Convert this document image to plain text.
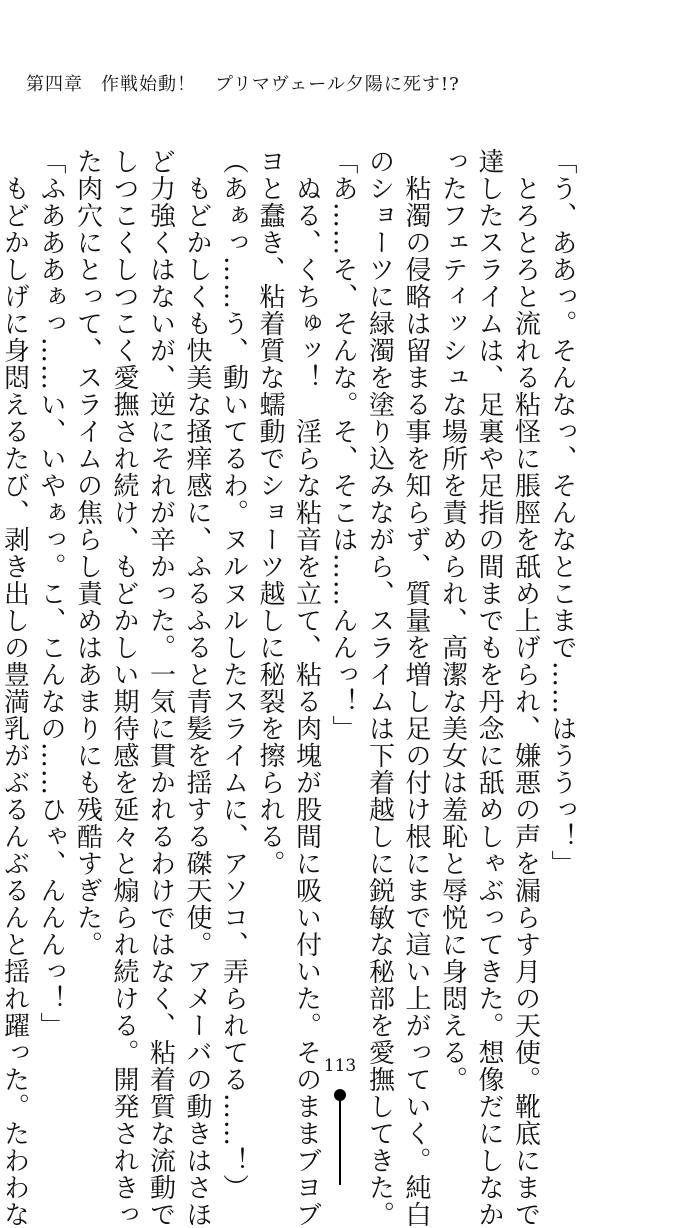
第四章 作戦始動！　プリマヴェール夕陽に死す!?

「う、ああっ。そんなっ、そんなとこまで……はううっ！」

　とろとろと流れる粘怪に脹脛を舐め上げられ、嫌悪の声を漏らす月の天使。靴底にまで

達したスライムは、足裏や足指の間までもを丹念に舐めしゃぶってきた。想像だにしなか

ったフェティッシュな場所を責められ、高潔な美女は羞恥と辱悦に身悶える。

　粘濁の侵略は留まる事を知らず、質量を増し足の付け根にまで這い上がっていく。純白

のショーツに緑濁を塗り込みながら、スライムは下着越しに鋭敏な秘部を愛撫してきた。

「あ……そ、そんな。そ、そこは……んんっ！」

　ぬる、くちゅッ！　淫らな粘音を立て、粘る肉塊が股間に吸い付いた。そのままブヨブ

ヨと蠢き、粘着質な蠕動でショーツ越しに秘裂を擦られる。

（あぁっ……う、動いてるわ。ヌルヌルしたスライムに、アソコ、弄られてる……！）

　もどかしくも快美な掻痒感に、ふるふると青髪を揺する磔天使。アメーバの動きはさほ

ど力強くはないが、逆にそれが辛かった。一気に貫かれるわけではなく、粘着質な流動で

しつこくしつこく愛撫され続け、もどかしい期待感を延々と煽られ続ける。開発されきっ

た肉穴にとって、スライムの焦らし責めはあまりにも残酷すぎた。

「ふあああぁっ……い、いやぁっ。こ、こんなの……ひゃ、んんんっ！」

　もどかしげに身悶えるたび、剥き出しの豊満乳がぶるんぶるんと揺れ躍った。たわわな	113
